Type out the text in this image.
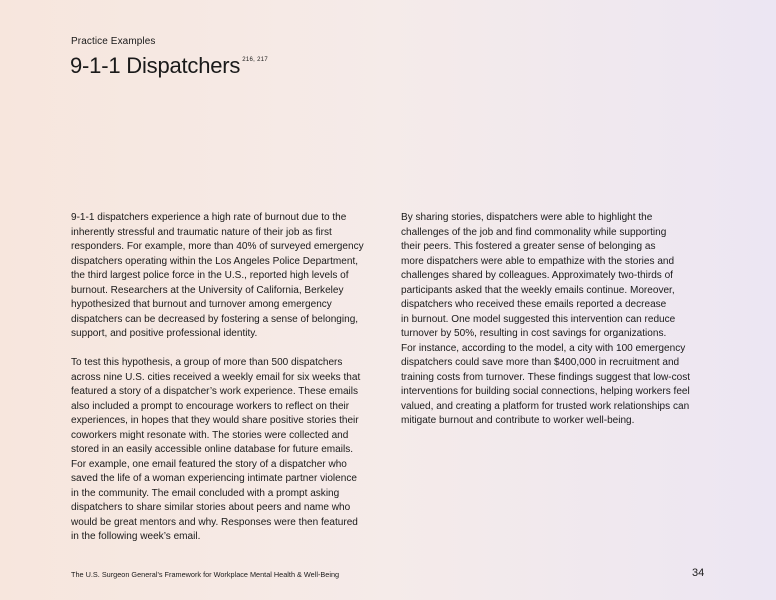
Practice Examples
9-1-1 Dispatchers $^{216, 217}$

9-1-1 dispatchers experience a high rate of burnout due to the
inherently stressful and traumatic nature of their job as first
responders. For example, more than 40% of surveyed emergency
dispatchers operating within the Los Angeles Police Department,
the third largest police force in the U.S., reported high levels of
burnout. Researchers at the University of California, Berkeley
hypothesized that burnout and turnover among emergency
dispatchers can be decreased by fostering a sense of belonging,
support, and positive professional identity.

To test this hypothesis, a group of more than 500 dispatchers
across nine U.S. cities received a weekly email for six weeks that
featured a story of a dispatcher’s work experience. These emails
also included a prompt to encourage workers to reflect on their
experiences, in hopes that they would share positive stories their
coworkers might resonate with. The stories were collected and
stored in an easily accessible online database for future emails.
For example, one email featured the story of a dispatcher who
saved the life of a woman experiencing intimate partner violence
in the community. The email concluded with a prompt asking
dispatchers to share similar stories about peers and name who
would be great mentors and why. Responses were then featured
in the following week’s email.

By sharing stories, dispatchers were able to highlight the
challenges of the job and find commonality while supporting
their peers. This fostered a greater sense of belonging as
more dispatchers were able to empathize with the stories and
challenges shared by colleagues. Approximately two-thirds of
participants asked that the weekly emails continue. Moreover,
dispatchers who received these emails reported a decrease
in burnout. One model suggested this intervention can reduce
turnover by 50%, resulting in cost savings for organizations.
For instance, according to the model, a city with 100 emergency
dispatchers could save more than $400,000 in recruitment and
training costs from turnover. These findings suggest that low-cost
interventions for building social connections, helping workers feel
valued, and creating a platform for trusted work relationships can
mitigate burnout and contribute to worker well-being.

The U.S. Surgeon General’s Framework for Workplace Mental Health & Well-Being	34
